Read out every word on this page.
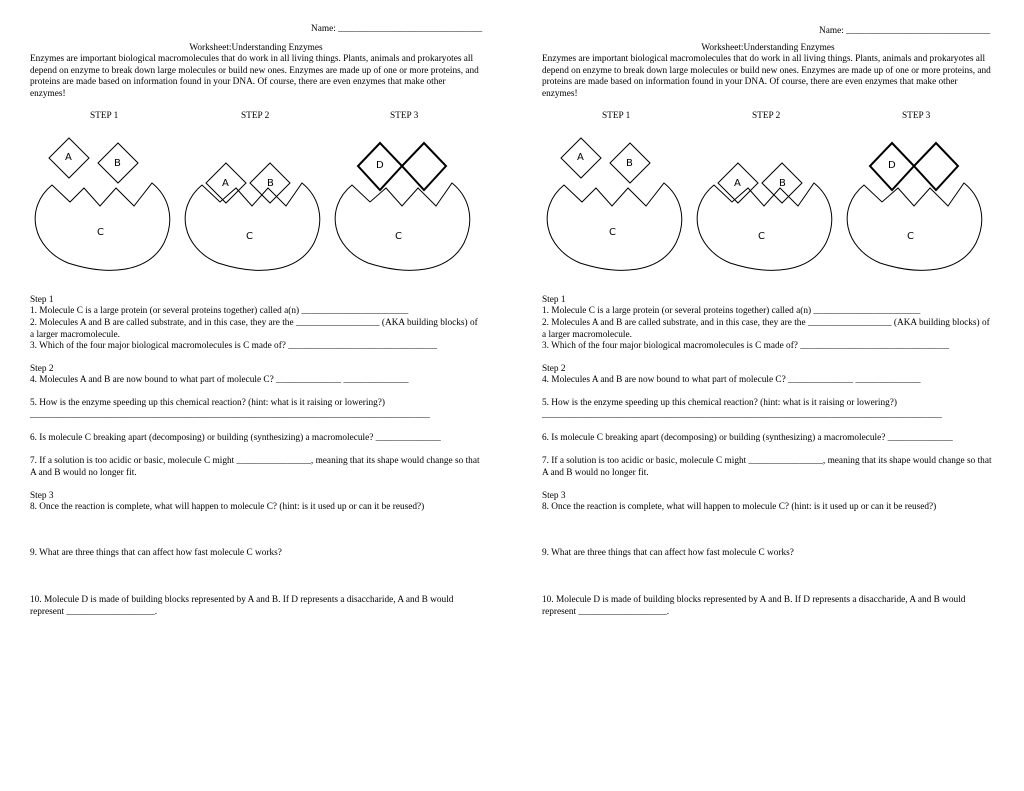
Name: _______________________________
Worksheet:Understanding Enzymes
Enzymes are important biological macromolecules that do work in all living things. Plants, animals and prokaryotes all depend on enzyme to break down large molecules or build new ones. Enzymes are made up of one or more proteins, and proteins are made based on information found in your DNA. Of course, there are even enzymes that make other enzymes!
STEP 1	STEP 2	STEP 3
A
B
C
A	B
C
D
C
Step 1
1. Molecule C is a large protein (or several proteins together) called a(n) _______________________
2. Molecules A and B are called substrate, and in this case, they are the __________________ (AKA building blocks) of a larger macromolecule.
3. Which of the four major biological macromolecules is C made of? ________________________________
Step 2
4. Molecules A and B are now bound to what part of molecule C? ______________ ______________
5. How is the enzyme speeding up this chemical reaction? (hint: what is it raising or lowering?)
______________________________________________________________________________________
6. Is molecule C breaking apart (decomposing) or building (synthesizing) a macromolecule? ______________
7. If a solution is too acidic or basic, molecule C might ________________, meaning that its shape would change so that A and B would no longer fit.
Step 3
8. Once the reaction is complete, what will happen to molecule C? (hint: is it used up or can it be reused?)
9. What are three things that can affect how fast molecule C works?
10. Molecule D is made of building blocks represented by A and B. If D represents a disaccharide, A and B would represent ___________________.
Name: _______________________________
Worksheet:Understanding Enzymes
Enzymes are important biological macromolecules that do work in all living things. Plants, animals and prokaryotes all depend on enzyme to break down large molecules or build new ones. Enzymes are made up of one or more proteins, and proteins are made based on information found in your DNA. Of course, there are even enzymes that make other enzymes!
STEP 1	STEP 2	STEP 3
A
B
C
A	B
C
D
C
Step 1
1. Molecule C is a large protein (or several proteins together) called a(n) _______________________
2. Molecules A and B are called substrate, and in this case, they are the __________________ (AKA building blocks) of a larger macromolecule.
3. Which of the four major biological macromolecules is C made of? ________________________________
Step 2
4. Molecules A and B are now bound to what part of molecule C? ______________ ______________
5. How is the enzyme speeding up this chemical reaction? (hint: what is it raising or lowering?)
______________________________________________________________________________________
6. Is molecule C breaking apart (decomposing) or building (synthesizing) a macromolecule? ______________
7. If a solution is too acidic or basic, molecule C might ________________, meaning that its shape would change so that A and B would no longer fit.
Step 3
8. Once the reaction is complete, what will happen to molecule C? (hint: is it used up or can it be reused?)
9. What are three things that can affect how fast molecule C works?
10. Molecule D is made of building blocks represented by A and B. If D represents a disaccharide, A and B would represent ___________________.
